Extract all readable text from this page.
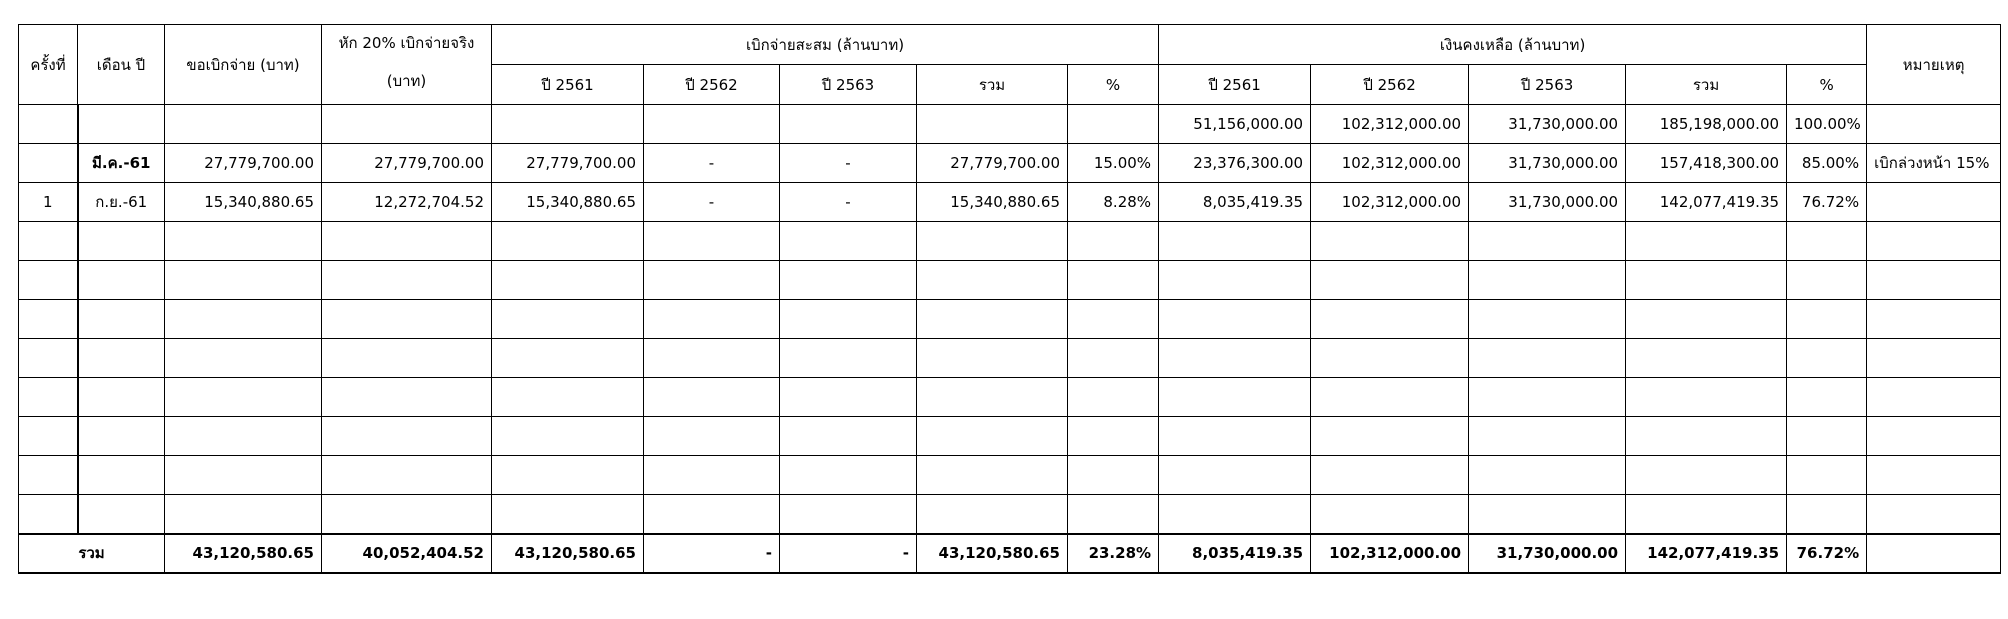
ครั้งที่	เดือน ปี	ขอเบิกจ่าย (บาท)	หัก 20% เบิกจ่ายจริง
(บาท)	เบิกจ่ายสะสม (ล้านบาท)					เงินคงเหลือ (ล้านบาท)					หมายเหตุ
				ปี 2561	ปี 2562	ปี 2563	รวม	%	ปี 2561	ปี 2562	ปี 2563	รวม	%	
									51,156,000.00	102,312,000.00	31,730,000.00	185,198,000.00	100.00%	
	มี.ค.-61	27,779,700.00	27,779,700.00	27,779,700.00	-	-	27,779,700.00	15.00%	23,376,300.00	102,312,000.00	31,730,000.00	157,418,300.00	85.00%	เบิกล่วงหน้า 15%
1	ก.ย.-61	15,340,880.65	12,272,704.52	15,340,880.65	-	-	15,340,880.65	8.28%	8,035,419.35	102,312,000.00	31,730,000.00	142,077,419.35	76.72%	

รวม		43,120,580.65	40,052,404.52	43,120,580.65	-	-	43,120,580.65	23.28%	8,035,419.35	102,312,000.00	31,730,000.00	142,077,419.35	76.72%	
